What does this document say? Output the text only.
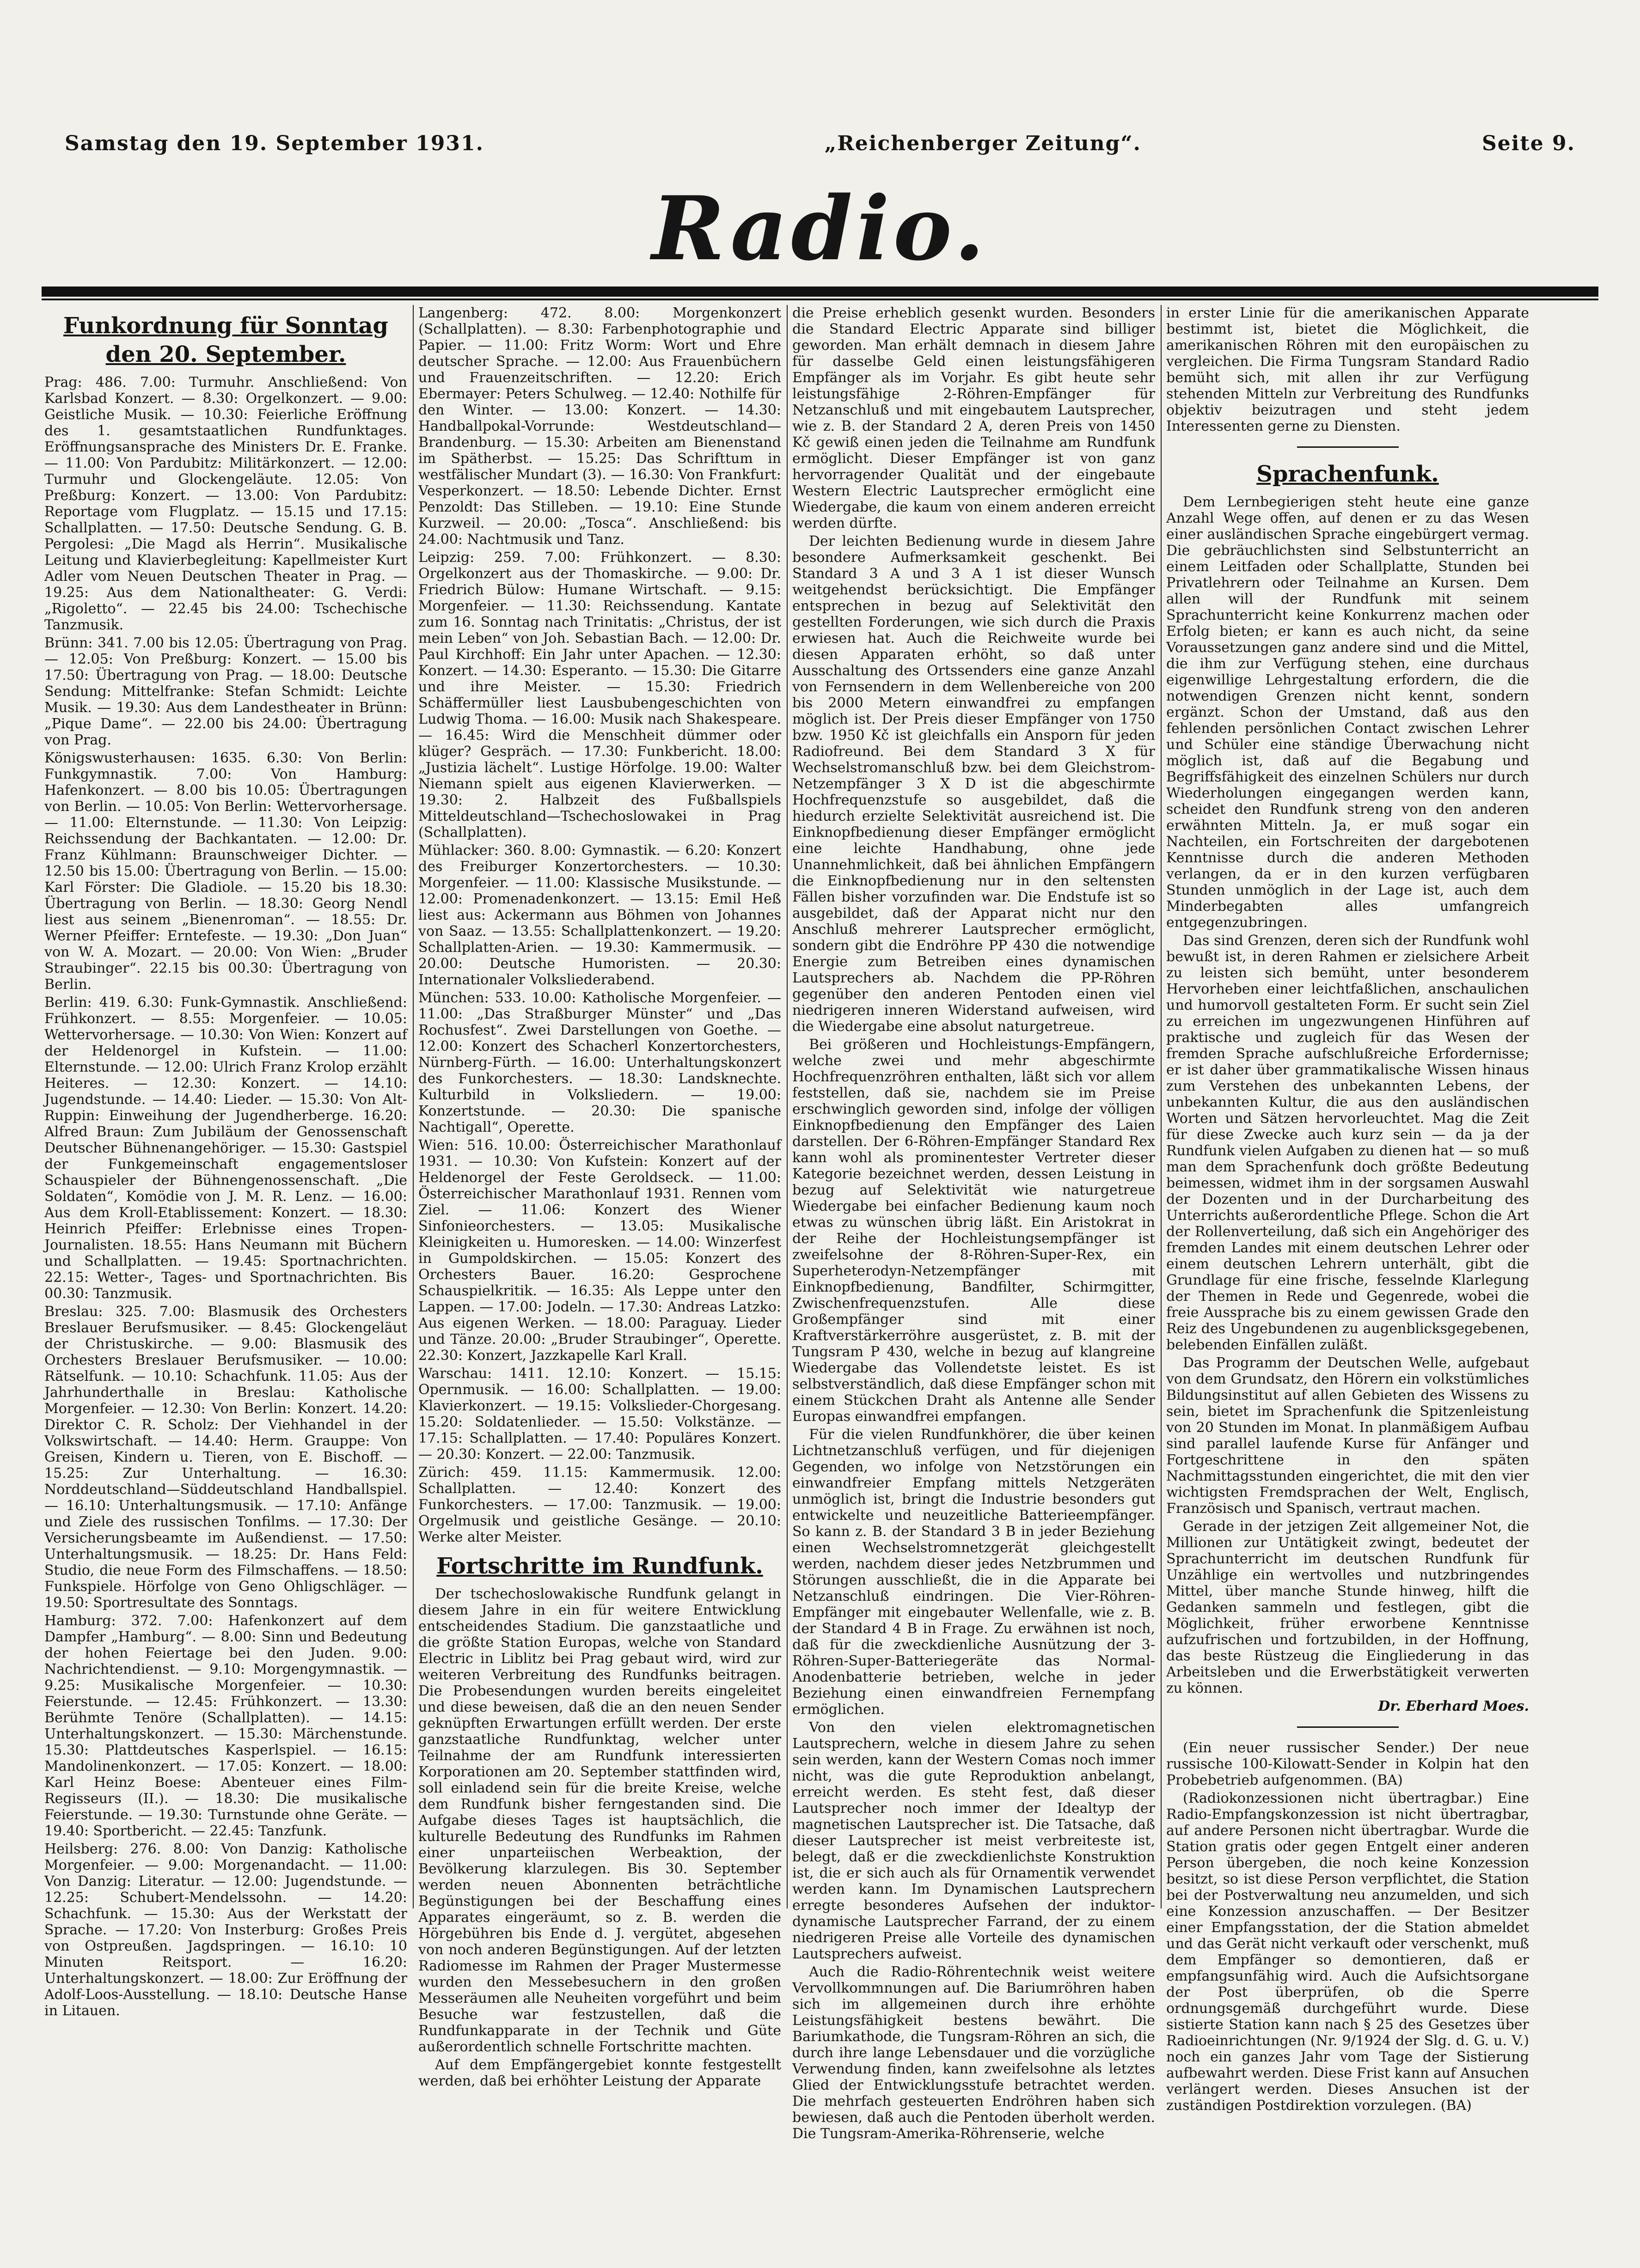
Samstag den 19. September 1931.	„Reichenberger Zeitung“.	Seite 9.
Radio.
Funkordnung für Sonntag den 20. September.

Prag: 486. 7.00: Turmuhr. Anschließend: Von Karlsbad Konzert. — 8.30: Orgelkonzert. — 9.00: Geistliche Musik. — 10.30: Feierliche Eröffnung des 1. gesamtstaatlichen Rundfunktages. Eröffnungsansprache des Ministers Dr. E. Franke. — 11.00: Von Pardubitz: Militärkonzert. — 12.00: Turmuhr und Glockengeläute. 12.05: Von Preßburg: Konzert. — 13.00: Von Pardubitz: Reportage vom Flugplatz. — 15.15 und 17.15: Schallplatten. — 17.50: Deutsche Sendung. G. B. Pergolesi: „Die Magd als Herrin“. Musikalische Leitung und Klavierbegleitung: Kapellmeister Kurt Adler vom Neuen Deutschen Theater in Prag. — 19.25: Aus dem Nationaltheater: G. Verdi: „Rigoletto“. — 22.45 bis 24.00: Tschechische Tanzmusik.

Brünn: 341. 7.00 bis 12.05: Übertragung von Prag. — 12.05: Von Preßburg: Konzert. — 15.00 bis 17.50: Übertragung von Prag. — 18.00: Deutsche Sendung: Mittelfranke: Stefan Schmidt: Leichte Musik. — 19.30: Aus dem Landestheater in Brünn: „Pique Dame“. — 22.00 bis 24.00: Übertragung von Prag.

Königswusterhausen: 1635. 6.30: Von Berlin: Funkgymnastik. 7.00: Von Hamburg: Hafenkonzert. — 8.00 bis 10.05: Übertragungen von Berlin. — 10.05: Von Berlin: Wettervorhersage. — 11.00: Elternstunde. — 11.30: Von Leipzig: Reichssendung der Bachkantaten. — 12.00: Dr. Franz Kühlmann: Braunschweiger Dichter. — 12.50 bis 15.00: Übertragung von Berlin. — 15.00: Karl Förster: Die Gladiole. — 15.20 bis 18.30: Übertragung von Berlin. — 18.30: Georg Nendl liest aus seinem „Bienenroman“. — 18.55: Dr. Werner Pfeiffer: Erntefeste. — 19.30: „Don Juan“ von W. A. Mozart. — 20.00: Von Wien: „Bruder Straubinger“. 22.15 bis 00.30: Übertragung von Berlin.

Berlin: 419. 6.30: Funk-Gymnastik. Anschließend: Frühkonzert. — 8.55: Morgenfeier. — 10.05: Wettervorhersage. — 10.30: Von Wien: Konzert auf der Heldenorgel in Kufstein. — 11.00: Elternstunde. — 12.00: Ulrich Franz Krolop erzählt Heiteres. — 12.30: Konzert. — 14.10: Jugendstunde. — 14.40: Lieder. — 15.30: Von Alt-Ruppin: Einweihung der Jugendherberge. 16.20: Alfred Braun: Zum Jubiläum der Genossenschaft Deutscher Bühnenangehöriger. — 15.30: Gastspiel der Funkgemeinschaft engagementsloser Schauspieler der Bühnengenossenschaft. „Die Soldaten“, Komödie von J. M. R. Lenz. — 16.00: Aus dem Kroll-Etablissement: Konzert. — 18.30: Heinrich Pfeiffer: Erlebnisse eines Tropen-Journalisten. 18.55: Hans Neumann mit Büchern und Schallplatten. — 19.45: Sportnachrichten. 22.15: Wetter-, Tages- und Sportnachrichten. Bis 00.30: Tanzmusik.

Breslau: 325. 7.00: Blasmusik des Orchesters Breslauer Berufsmusiker. — 8.45: Glockengeläut der Christuskirche. — 9.00: Blasmusik des Orchesters Breslauer Berufsmusiker. — 10.00: Rätselfunk. — 10.10: Schachfunk. 11.05: Aus der Jahrhunderthalle in Breslau: Katholische Morgenfeier. — 12.30: Von Berlin: Konzert. 14.20: Direktor C. R. Scholz: Der Viehhandel in der Volkswirtschaft. — 14.40: Herm. Grauppe: Von Greisen, Kindern u. Tieren, von E. Bischoff. — 15.25: Zur Unterhaltung. — 16.30: Norddeutschland—Süddeutschland Handballspiel. — 16.10: Unterhaltungsmusik. — 17.10: Anfänge und Ziele des russischen Tonfilms. — 17.30: Der Versicherungsbeamte im Außendienst. — 17.50: Unterhaltungsmusik. — 18.25: Dr. Hans Feld: Studio, die neue Form des Filmschaffens. — 18.50: Funkspiele. Hörfolge von Geno Ohligschläger. — 19.50: Sportresultate des Sonntags.

Hamburg: 372. 7.00: Hafenkonzert auf dem Dampfer „Hamburg“. — 8.00: Sinn und Bedeutung der hohen Feiertage bei den Juden. 9.00: Nachrichtendienst. — 9.10: Morgengymnastik. — 9.25: Musikalische Morgenfeier. — 10.30: Feierstunde. — 12.45: Frühkonzert. — 13.30: Berühmte Tenöre (Schallplatten). — 14.15: Unterhaltungskonzert. — 15.30: Märchenstunde. 15.30: Plattdeutsches Kasperlspiel. — 16.15: Mandolinenkonzert. — 17.05: Konzert. — 18.00: Karl Heinz Boese: Abenteuer eines Film-Regisseurs (II.). — 18.30: Die musikalische Feierstunde. — 19.30: Turnstunde ohne Geräte. — 19.40: Sportbericht. — 22.45: Tanzfunk.

Heilsberg: 276. 8.00: Von Danzig: Katholische Morgenfeier. — 9.00: Morgenandacht. — 11.00: Von Danzig: Literatur. — 12.00: Jugendstunde. — 12.25: Schubert-Mendelssohn. — 14.20: Schachfunk. — 15.30: Aus der Werkstatt der Sprache. — 17.20: Von Insterburg: Großes Preis von Ostpreußen. Jagdspringen. — 16.10: 10 Minuten Reitsport. — 16.20: Unterhaltungskonzert. — 18.00: Zur Eröffnung der Adolf-Loos-Ausstellung. — 18.10: Deutsche Hanse in Litauen.

Langenberg: 472. 8.00: Morgenkonzert (Schallplatten). — 8.30: Farbenphotographie und Papier. — 11.00: Fritz Worm: Wort und Ehre deutscher Sprache. — 12.00: Aus Frauenbüchern und Frauenzeitschriften. — 12.20: Erich Ebermayer: Peters Schulweg. — 12.40: Nothilfe für den Winter. — 13.00: Konzert. — 14.30: Handballpokal-Vorrunde: Westdeutschland—Brandenburg. — 15.30: Arbeiten am Bienenstand im Spätherbst. — 15.25: Das Schrifttum in westfälischer Mundart (3). — 16.30: Von Frankfurt: Vesperkonzert. — 18.50: Lebende Dichter. Ernst Penzoldt: Das Stilleben. — 19.10: Eine Stunde Kurzweil. — 20.00: „Tosca“. Anschließend: bis 24.00: Nachtmusik und Tanz.

Leipzig: 259. 7.00: Frühkonzert. — 8.30: Orgelkonzert aus der Thomaskirche. — 9.00: Dr. Friedrich Bülow: Humane Wirtschaft. — 9.15: Morgenfeier. — 11.30: Reichssendung. Kantate zum 16. Sonntag nach Trinitatis: „Christus, der ist mein Leben“ von Joh. Sebastian Bach. — 12.00: Dr. Paul Kirchhoff: Ein Jahr unter Apachen. — 12.30: Konzert. — 14.30: Esperanto. — 15.30: Die Gitarre und ihre Meister. — 15.30: Friedrich Schäffermüller liest Lausbubengeschichten von Ludwig Thoma. — 16.00: Musik nach Shakespeare. — 16.45: Wird die Menschheit dümmer oder klüger? Gespräch. — 17.30: Funkbericht. 18.00: „Justizia lächelt“. Lustige Hörfolge. 19.00: Walter Niemann spielt aus eigenen Klavierwerken. — 19.30: 2. Halbzeit des Fußballspiels Mitteldeutschland—Tschechoslowakei in Prag (Schallplatten).

Mühlacker: 360. 8.00: Gymnastik. — 6.20: Konzert des Freiburger Konzertorchesters. — 10.30: Morgenfeier. — 11.00: Klassische Musikstunde. — 12.00: Promenadenkonzert. — 13.15: Emil Heß liest aus: Ackermann aus Böhmen von Johannes von Saaz. — 13.55: Schallplattenkonzert. — 19.20: Schallplatten-Arien. — 19.30: Kammermusik. — 20.00: Deutsche Humoristen. — 20.30: Internationaler Volksliederabend.

München: 533. 10.00: Katholische Morgenfeier. — 11.00: „Das Straßburger Münster“ und „Das Rochusfest“. Zwei Darstellungen von Goethe. — 12.00: Konzert des Schacherl Konzertorchesters, Nürnberg-Fürth. — 16.00: Unterhaltungskonzert des Funkorchesters. — 18.30: Landsknechte. Kulturbild in Volksliedern. — 19.00: Konzertstunde. — 20.30: Die spanische Nachtigall“, Operette.

Wien: 516. 10.00: Österreichischer Marathonlauf 1931. — 10.30: Von Kufstein: Konzert auf der Heldenorgel der Feste Geroldseck. — 11.00: Österreichischer Marathonlauf 1931. Rennen vom Ziel. — 11.06: Konzert des Wiener Sinfonieorchesters. — 13.05: Musikalische Kleinigkeiten u. Humoresken. — 14.00: Winzerfest in Gumpoldskirchen. — 15.05: Konzert des Orchesters Bauer. 16.20: Gesprochene Schauspielkritik. — 16.35: Als Leppe unter den Lappen. — 17.00: Jodeln. — 17.30: Andreas Latzko: Aus eigenen Werken. — 18.00: Paraguay. Lieder und Tänze. 20.00: „Bruder Straubinger“, Operette. 22.30: Konzert, Jazzkapelle Karl Krall.

Warschau: 1411. 12.10: Konzert. — 15.15: Opernmusik. — 16.00: Schallplatten. — 19.00: Klavierkonzert. — 19.15: Volkslieder-Chorgesang. 15.20: Soldatenlieder. — 15.50: Volkstänze. — 17.15: Schallplatten. — 17.40: Populäres Konzert. — 20.30: Konzert. — 22.00: Tanzmusik.

Zürich: 459. 11.15: Kammermusik. 12.00: Schallplatten. — 12.40: Konzert des Funkorchesters. — 17.00: Tanzmusik. — 19.00: Orgelmusik und geistliche Gesänge. — 20.10: Werke alter Meister.

Fortschritte im Rundfunk.

Der tschechoslowakische Rundfunk gelangt in diesem Jahre in ein für weitere Entwicklung entscheidendes Stadium. Die ganzstaatliche und die größte Station Europas, welche von Standard Electric in Liblitz bei Prag gebaut wird, wird zur weiteren Verbreitung des Rundfunks beitragen. Die Probesendungen wurden bereits eingeleitet und diese beweisen, daß die an den neuen Sender geknüpften Erwartungen erfüllt werden. Der erste ganzstaatliche Rundfunktag, welcher unter Teilnahme der am Rundfunk interessierten Korporationen am 20. September stattfinden wird, soll einladend sein für die breite Kreise, welche dem Rundfunk bisher ferngestanden sind. Die Aufgabe dieses Tages ist hauptsächlich, die kulturelle Bedeutung des Rundfunks im Rahmen einer unparteiischen Werbeaktion, der Bevölkerung klarzulegen. Bis 30. September werden neuen Abonnenten beträchtliche Begünstigungen bei der Beschaffung eines Apparates eingeräumt, so z. B. werden die Hörgebühren bis Ende d. J. vergütet, abgesehen von noch anderen Begünstigungen. Auf der letzten Radiomesse im Rahmen der Prager Mustermesse wurden den Messebesuchern in den großen Messeräumen alle Neuheiten vorgeführt und beim Besuche war festzustellen, daß die Rundfunkapparate in der Technik und Güte außerordentlich schnelle Fortschritte machten.

Auf dem Empfängergebiet konnte festgestellt werden, daß bei erhöhter Leistung der Apparate

die Preise erheblich gesenkt wurden. Besonders die Standard Electric Apparate sind billiger geworden. Man erhält demnach in diesem Jahre für dasselbe Geld einen leistungsfähigeren Empfänger als im Vorjahr. Es gibt heute sehr leistungsfähige 2-Röhren-Empfänger für Netzanschluß und mit eingebautem Lautsprecher, wie z. B. der Standard 2 A, deren Preis von 1450 Kč gewiß einen jeden die Teilnahme am Rundfunk ermöglicht. Dieser Empfänger ist von ganz hervorragender Qualität und der eingebaute Western Electric Lautsprecher ermöglicht eine Wiedergabe, die kaum von einem anderen erreicht werden dürfte.

Der leichten Bedienung wurde in diesem Jahre besondere Aufmerksamkeit geschenkt. Bei Standard 3 A und 3 A 1 ist dieser Wunsch weitgehendst berücksichtigt. Die Empfänger entsprechen in bezug auf Selektivität den gestellten Forderungen, wie sich durch die Praxis erwiesen hat. Auch die Reichweite wurde bei diesen Apparaten erhöht, so daß unter Ausschaltung des Ortssenders eine ganze Anzahl von Fernsendern in dem Wellenbereiche von 200 bis 2000 Metern einwandfrei zu empfangen möglich ist. Der Preis dieser Empfänger von 1750 bzw. 1950 Kč ist gleichfalls ein Ansporn für jeden Radiofreund. Bei dem Standard 3 X für Wechselstromanschluß bzw. bei dem Gleichstrom-Netzempfänger 3 X D ist die abgeschirmte Hochfrequenzstufe so ausgebildet, daß die hiedurch erzielte Selektivität ausreichend ist. Die Einknopfbedienung dieser Empfänger ermöglicht eine leichte Handhabung, ohne jede Unannehmlichkeit, daß bei ähnlichen Empfängern die Einknopfbedienung nur in den seltensten Fällen bisher vorzufinden war. Die Endstufe ist so ausgebildet, daß der Apparat nicht nur den Anschluß mehrerer Lautsprecher ermöglicht, sondern gibt die Endröhre PP 430 die notwendige Energie zum Betreiben eines dynamischen Lautsprechers ab. Nachdem die PP-Röhren gegenüber den anderen Pentoden einen viel niedrigeren inneren Widerstand aufweisen, wird die Wiedergabe eine absolut naturgetreue.

Bei größeren und Hochleistungs-Empfängern, welche zwei und mehr abgeschirmte Hochfrequenzröhren enthalten, läßt sich vor allem feststellen, daß sie, nachdem sie im Preise erschwinglich geworden sind, infolge der völligen Einknopfbedienung den Empfänger des Laien darstellen. Der 6-Röhren-Empfänger Standard Rex kann wohl als prominentester Vertreter dieser Kategorie bezeichnet werden, dessen Leistung in bezug auf Selektivität wie naturgetreue Wiedergabe bei einfacher Bedienung kaum noch etwas zu wünschen übrig läßt. Ein Aristokrat in der Reihe der Hochleistungsempfänger ist zweifelsohne der 8-Röhren-Super-Rex, ein Superheterodyn-Netzempfänger mit Einknopfbedienung, Bandfilter, Schirmgitter, Zwischenfrequenzstufen. Alle diese Großempfänger sind mit einer Kraftverstärkerröhre ausgerüstet, z. B. mit der Tungsram P 430, welche in bezug auf klangreine Wiedergabe das Vollendetste leistet. Es ist selbstverständlich, daß diese Empfänger schon mit einem Stückchen Draht als Antenne alle Sender Europas einwandfrei empfangen.

Für die vielen Rundfunkhörer, die über keinen Lichtnetzanschluß verfügen, und für diejenigen Gegenden, wo infolge von Netzstörungen ein einwandfreier Empfang mittels Netzgeräten unmöglich ist, bringt die Industrie besonders gut entwickelte und neuzeitliche Batterieempfänger. So kann z. B. der Standard 3 B in jeder Beziehung einen Wechselstromnetzgerät gleichgestellt werden, nachdem dieser jedes Netzbrummen und Störungen ausschließt, die in die Apparate bei Netzanschluß eindringen. Die Vier-Röhren-Empfänger mit eingebauter Wellenfalle, wie z. B. der Standard 4 B in Frage. Zu erwähnen ist noch, daß für die zweckdienliche Ausnützung der 3-Röhren-Super-Batteriegeräte das Normal-Anodenbatterie betrieben, welche in jeder Beziehung einen einwandfreien Fernempfang ermöglichen.

Von den vielen elektromagnetischen Lautsprechern, welche in diesem Jahre zu sehen sein werden, kann der Western Comas noch immer nicht, was die gute Reproduktion anbelangt, erreicht werden. Es steht fest, daß dieser Lautsprecher noch immer der Idealtyp der magnetischen Lautsprecher ist. Die Tatsache, daß dieser Lautsprecher ist meist verbreiteste ist, belegt, daß er die zweckdienlichste Konstruktion ist, die er sich auch als für Ornamentik verwendet werden kann. Im Dynamischen Lautsprechern erregte besonderes Aufsehen der induktor-dynamische Lautsprecher Farrand, der zu einem niedrigeren Preise alle Vorteile des dynamischen Lautsprechers aufweist.

Auch die Radio-Röhrentechnik weist weitere Vervollkommnungen auf. Die Bariumröhren haben sich im allgemeinen durch ihre erhöhte Leistungsfähigkeit bestens bewährt. Die Bariumkathode, die Tungsram-Röhren an sich, die durch ihre lange Lebensdauer und die vorzügliche Verwendung finden, kann zweifelsohne als letztes Glied der Entwicklungsstufe betrachtet werden. Die mehrfach gesteuerten Endröhren haben sich bewiesen, daß auch die Pentoden überholt werden. Die Tungsram-Amerika-Röhrenserie, welche

in erster Linie für die amerikanischen Apparate bestimmt ist, bietet die Möglichkeit, die amerikanischen Röhren mit den europäischen zu vergleichen. Die Firma Tungsram Standard Radio bemüht sich, mit allen ihr zur Verfügung stehenden Mitteln zur Verbreitung des Rundfunks objektiv beizutragen und steht jedem Interessenten gerne zu Diensten.

Sprachenfunk.

Dem Lernbegierigen steht heute eine ganze Anzahl Wege offen, auf denen er zu das Wesen einer ausländischen Sprache eingebürgert vermag. Die gebräuchlichsten sind Selbstunterricht an einem Leitfaden oder Schallplatte, Stunden bei Privatlehrern oder Teilnahme an Kursen. Dem allen will der Rundfunk mit seinem Sprachunterricht keine Konkurrenz machen oder Erfolg bieten; er kann es auch nicht, da seine Voraussetzungen ganz andere sind und die Mittel, die ihm zur Verfügung stehen, eine durchaus eigenwillige Lehrgestaltung erfordern, die die notwendigen Grenzen nicht kennt, sondern ergänzt. Schon der Umstand, daß aus den fehlenden persönlichen Contact zwischen Lehrer und Schüler eine ständige Überwachung nicht möglich ist, daß auf die Begabung und Begriffsfähigkeit des einzelnen Schülers nur durch Wiederholungen eingegangen werden kann, scheidet den Rundfunk streng von den anderen erwähnten Mitteln. Ja, er muß sogar ein Nachteilen, ein Fortschreiten der dargebotenen Kenntnisse durch die anderen Methoden verlangen, da er in den kurzen verfügbaren Stunden unmöglich in der Lage ist, auch dem Minderbegabten alles umfangreich entgegenzubringen.

Das sind Grenzen, deren sich der Rundfunk wohl bewußt ist, in deren Rahmen er zielsichere Arbeit zu leisten sich bemüht, unter besonderem Hervorheben einer leichtfaßlichen, anschaulichen und humorvoll gestalteten Form. Er sucht sein Ziel zu erreichen im ungezwungenen Hinführen auf praktische und zugleich für das Wesen der fremden Sprache aufschlußreiche Erfordernisse; er ist daher über grammatikalische Wissen hinaus zum Verstehen des unbekannten Lebens, der unbekannten Kultur, die aus den ausländischen Worten und Sätzen hervorleuchtet. Mag die Zeit für diese Zwecke auch kurz sein — da ja der Rundfunk vielen Aufgaben zu dienen hat — so muß man dem Sprachenfunk doch größte Bedeutung beimessen, widmet ihm in der sorgsamen Auswahl der Dozenten und in der Durcharbeitung des Unterrichts außerordentliche Pflege. Schon die Art der Rollenverteilung, daß sich ein Angehöriger des fremden Landes mit einem deutschen Lehrer oder einem deutschen Lehrern unterhält, gibt die Grundlage für eine frische, fesselnde Klarlegung der Themen in Rede und Gegenrede, wobei die freie Aussprache bis zu einem gewissen Grade den Reiz des Ungebundenen zu augenblicksgegebenen, belebenden Einfällen zuläßt.

Das Programm der Deutschen Welle, aufgebaut von dem Grundsatz, den Hörern ein volkstümliches Bildungsinstitut auf allen Gebieten des Wissens zu sein, bietet im Sprachenfunk die Spitzenleistung von 20 Stunden im Monat. In planmäßigem Aufbau sind parallel laufende Kurse für Anfänger und Fortgeschrittene in den späten Nachmittagsstunden eingerichtet, die mit den vier wichtigsten Fremdsprachen der Welt, Englisch, Französisch und Spanisch, vertraut machen.

Gerade in der jetzigen Zeit allgemeiner Not, die Millionen zur Untätigkeit zwingt, bedeutet der Sprachunterricht im deutschen Rundfunk für Unzählige ein wertvolles und nutzbringendes Mittel, über manche Stunde hinweg, hilft die Gedanken sammeln und festlegen, gibt die Möglichkeit, früher erworbene Kenntnisse aufzufrischen und fortzubilden, in der Hoffnung, das beste Rüstzeug die Eingliederung in das Arbeitsleben und die Erwerbstätigkeit verwerten zu können.

Dr. Eberhard Moes.

(Ein neuer russischer Sender.) Der neue russische 100-Kilowatt-Sender in Kolpin hat den Probebetrieb aufgenommen. (BA)

(Radiokonzessionen nicht übertragbar.) Eine Radio-Empfangskonzession ist nicht übertragbar, auf andere Personen nicht übertragbar. Wurde die Station gratis oder gegen Entgelt einer anderen Person übergeben, die noch keine Konzession besitzt, so ist diese Person verpflichtet, die Station bei der Postverwaltung neu anzumelden, und sich eine Konzession anzuschaffen. — Der Besitzer einer Empfangsstation, der die Station abmeldet und das Gerät nicht verkauft oder verschenkt, muß dem Empfänger so demontieren, daß er empfangsunfähig wird. Auch die Aufsichtsorgane der Post überprüfen, ob die Sperre ordnungsgemäß durchgeführt wurde. Diese sistierte Station kann nach § 25 des Gesetzes über Radioeinrichtungen (Nr. 9/1924 der Slg. d. G. u. V.) noch ein ganzes Jahr vom Tage der Sistierung aufbewahrt werden. Diese Frist kann auf Ansuchen verlängert werden. Dieses Ansuchen ist der zuständigen Postdirektion vorzulegen. (BA)
